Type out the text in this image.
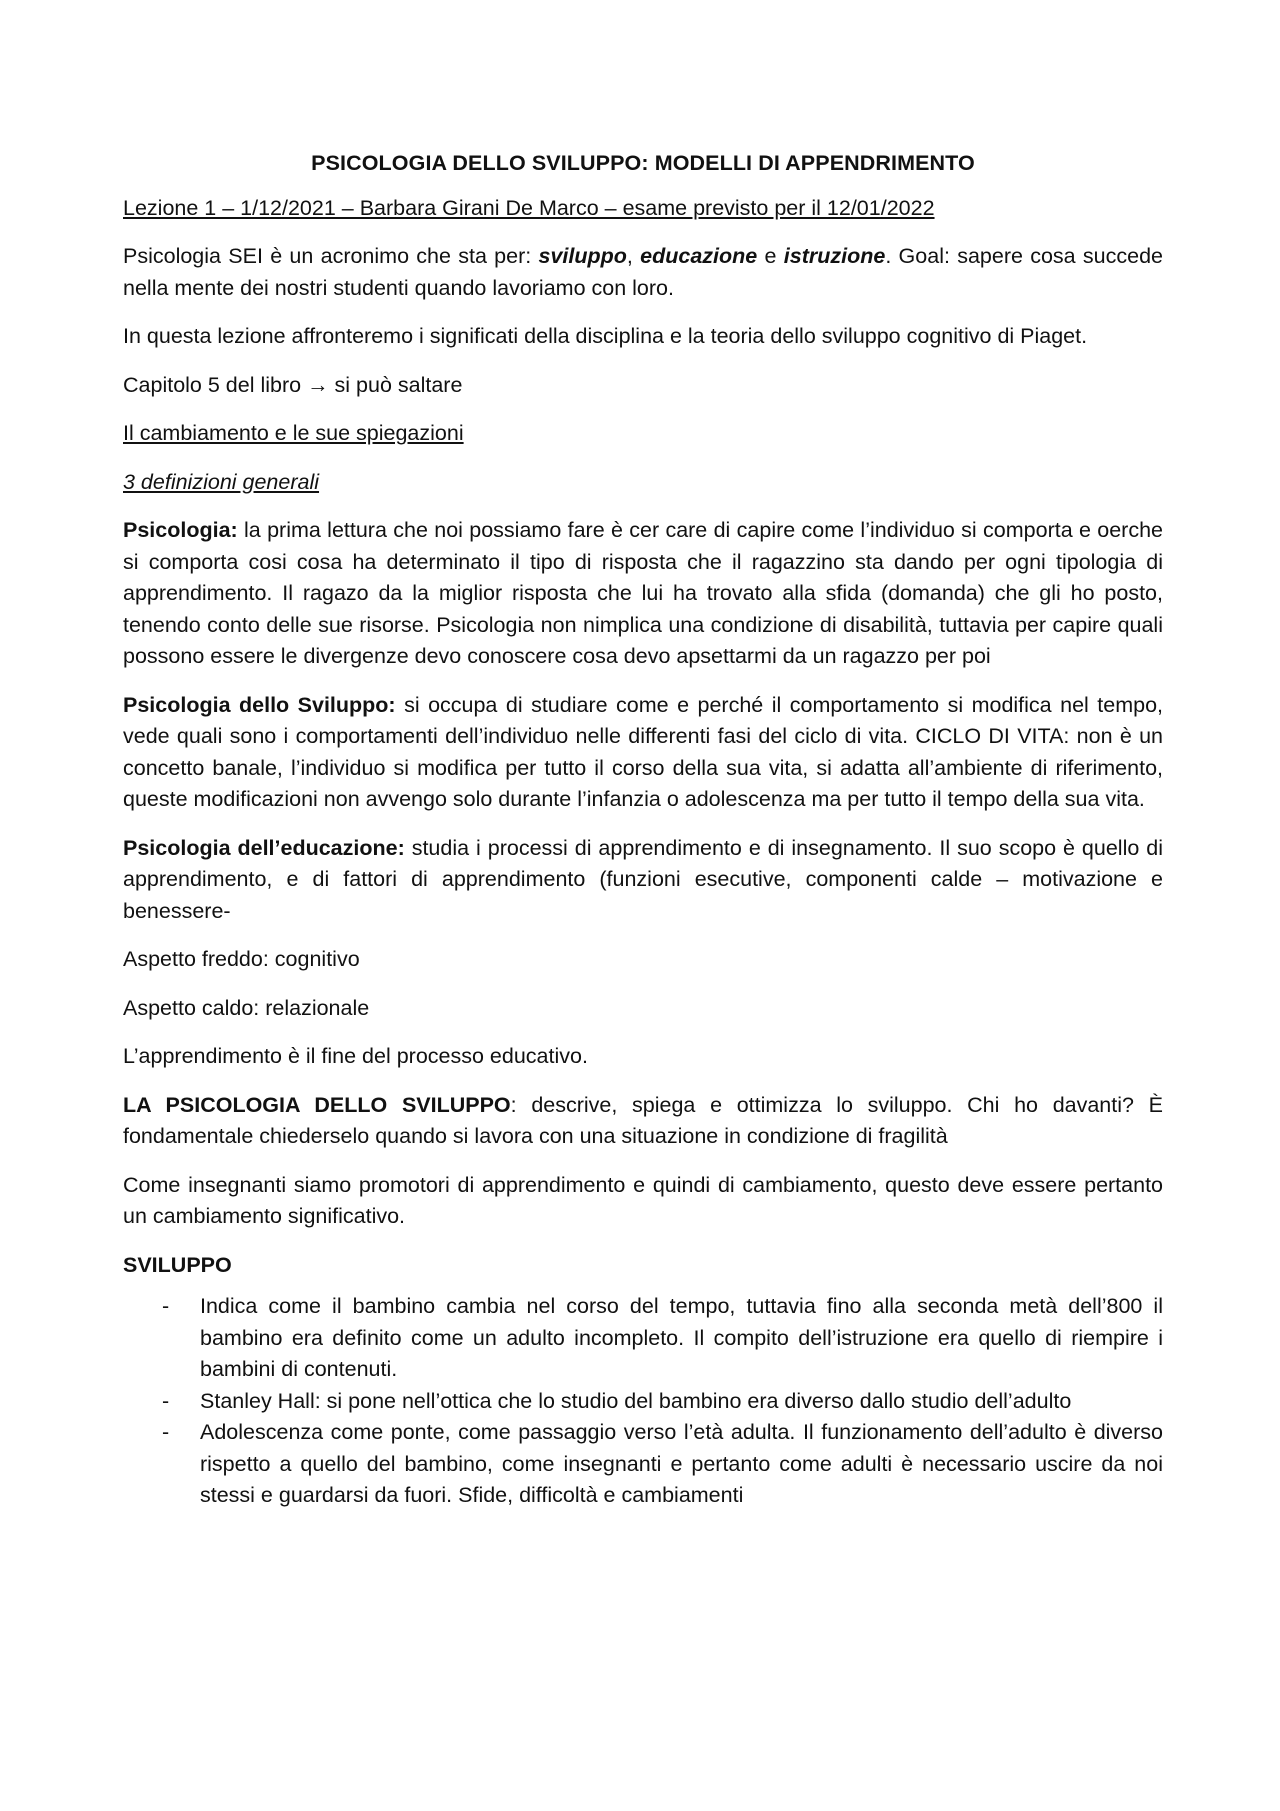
PSICOLOGIA DELLO SVILUPPO: MODELLI DI APPENDRIMENTO

Lezione 1 – 1/12/2021 – Barbara Girani De Marco – esame previsto per il 12/01/2022

Psicologia SEI è un acronimo che sta per: sviluppo, educazione e istruzione. Goal: sapere cosa succede nella mente dei nostri studenti quando lavoriamo con loro.

In questa lezione affronteremo i significati della disciplina e la teoria dello sviluppo cognitivo di Piaget.

Capitolo 5 del libro → si può saltare

Il cambiamento e le sue spiegazioni

3 definizioni generali

Psicologia: la prima lettura che noi possiamo fare è cer care di capire come l’individuo si comporta e oerche si comporta cosi cosa ha determinato il tipo di risposta che il ragazzino sta dando per ogni tipologia di apprendimento. Il ragazo da la miglior risposta che lui ha trovato alla sfida (domanda) che gli ho posto, tenendo conto delle sue risorse. Psicologia non nimplica una condizione di disabilità, tuttavia per capire quali possono essere le divergenze devo conoscere cosa devo apsettarmi da un ragazzo per poi

Psicologia dello Sviluppo: si occupa di studiare come e perché il comportamento si modifica nel tempo, vede quali sono i comportamenti dell’individuo nelle differenti fasi del ciclo di vita. CICLO DI VITA: non è un concetto banale, l’individuo si modifica per tutto il corso della sua vita, si adatta all’ambiente di riferimento, queste modificazioni non avvengo solo durante l’infanzia o adolescenza ma per tutto il tempo della sua vita.

Psicologia dell’educazione: studia i processi di apprendimento e di insegnamento. Il suo scopo è quello di apprendimento, e di fattori di apprendimento (funzioni esecutive, componenti calde – motivazione e benessere-

Aspetto freddo: cognitivo

Aspetto caldo: relazionale

L’apprendimento è il fine del processo educativo.

LA PSICOLOGIA DELLO SVILUPPO: descrive, spiega e ottimizza lo sviluppo. Chi ho davanti? È fondamentale chiederselo quando si lavora con una situazione in condizione di fragilità

Come insegnanti siamo promotori di apprendimento e quindi di cambiamento, questo deve essere pertanto un cambiamento significativo.

SVILUPPO

- Indica come il bambino cambia nel corso del tempo, tuttavia fino alla seconda metà dell’800 il bambino era definito come un adulto incompleto. Il compito dell’istruzione era quello di riempire i bambini di contenuti.
- Stanley Hall: si pone nell’ottica che lo studio del bambino era diverso dallo studio dell’adulto
- Adolescenza come ponte, come passaggio verso l’età adulta. Il funzionamento dell’adulto è diverso rispetto a quello del bambino, come insegnanti e pertanto come adulti è necessario uscire da noi stessi e guardarsi da fuori. Sfide, difficoltà e cambiamenti
